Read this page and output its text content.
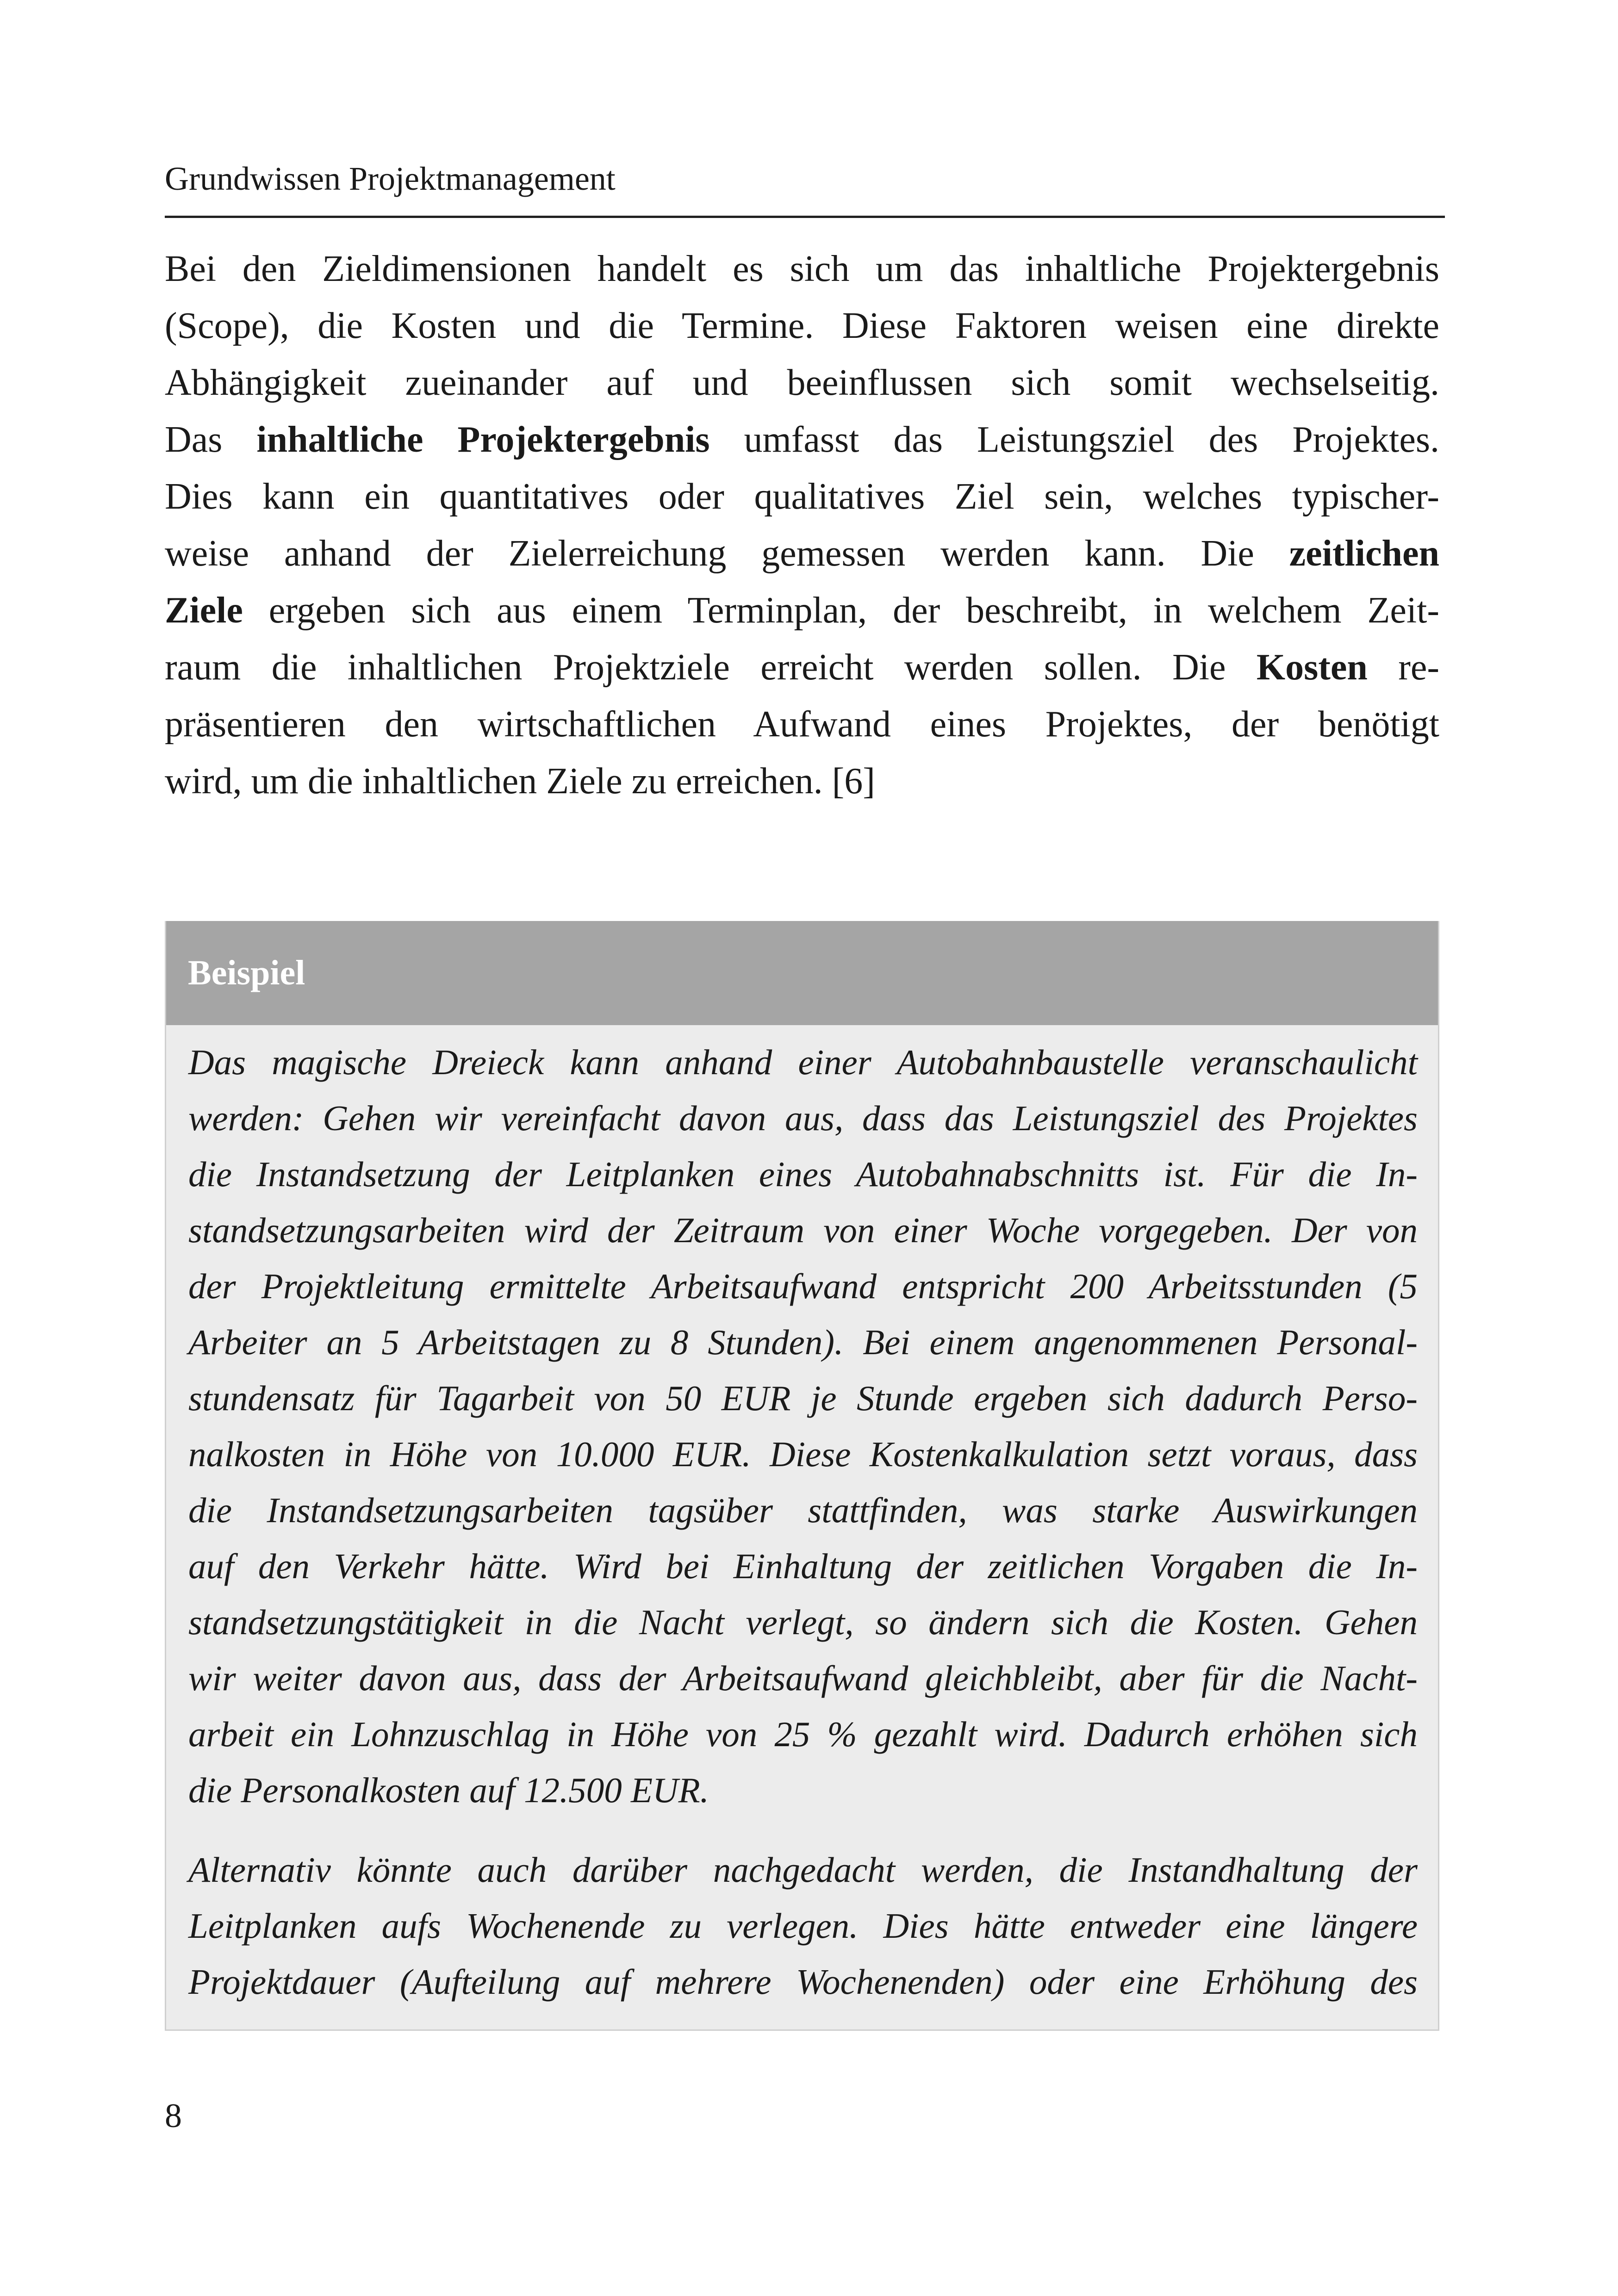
Grundwissen Projektmanagement
Bei den Zieldimensionen handelt es sich um das inhaltliche Projektergebnis
(Scope), die Kosten und die Termine. Diese Faktoren weisen eine direkte
Abhängigkeit zueinander auf und beeinflussen sich somit wechselseitig.
Das inhaltliche Projektergebnis umfasst das Leistungsziel des Projektes.
Dies kann ein quantitatives oder qualitatives Ziel sein, welches typischer-
weise anhand der Zielerreichung gemessen werden kann. Die zeitlichen
Ziele ergeben sich aus einem Terminplan, der beschreibt, in welchem Zeit-
raum die inhaltlichen Projektziele erreicht werden sollen. Die Kosten re-
präsentieren den wirtschaftlichen Aufwand eines Projektes, der benötigt
wird, um die inhaltlichen Ziele zu erreichen. [6]
Beispiel
Das magische Dreieck kann anhand einer Autobahnbaustelle veranschaulicht
werden: Gehen wir vereinfacht davon aus, dass das Leistungsziel des Projektes
die Instandsetzung der Leitplanken eines Autobahnabschnitts ist. Für die In-
standsetzungsarbeiten wird der Zeitraum von einer Woche vorgegeben. Der von
der Projektleitung ermittelte Arbeitsaufwand entspricht 200 Arbeitsstunden (5
Arbeiter an 5 Arbeitstagen zu 8 Stunden). Bei einem angenommenen Personal-
stundensatz für Tagarbeit von 50 EUR je Stunde ergeben sich dadurch Perso-
nalkosten in Höhe von 10.000 EUR. Diese Kostenkalkulation setzt voraus, dass
die Instandsetzungsarbeiten tagsüber stattfinden, was starke Auswirkungen
auf den Verkehr hätte. Wird bei Einhaltung der zeitlichen Vorgaben die In-
standsetzungstätigkeit in die Nacht verlegt, so ändern sich die Kosten. Gehen
wir weiter davon aus, dass der Arbeitsaufwand gleichbleibt, aber für die Nacht-
arbeit ein Lohnzuschlag in Höhe von 25 % gezahlt wird. Dadurch erhöhen sich
die Personalkosten auf 12.500 EUR.
Alternativ könnte auch darüber nachgedacht werden, die Instandhaltung der
Leitplanken aufs Wochenende zu verlegen. Dies hätte entweder eine längere
Projektdauer (Aufteilung auf mehrere Wochenenden) oder eine Erhöhung des
8
